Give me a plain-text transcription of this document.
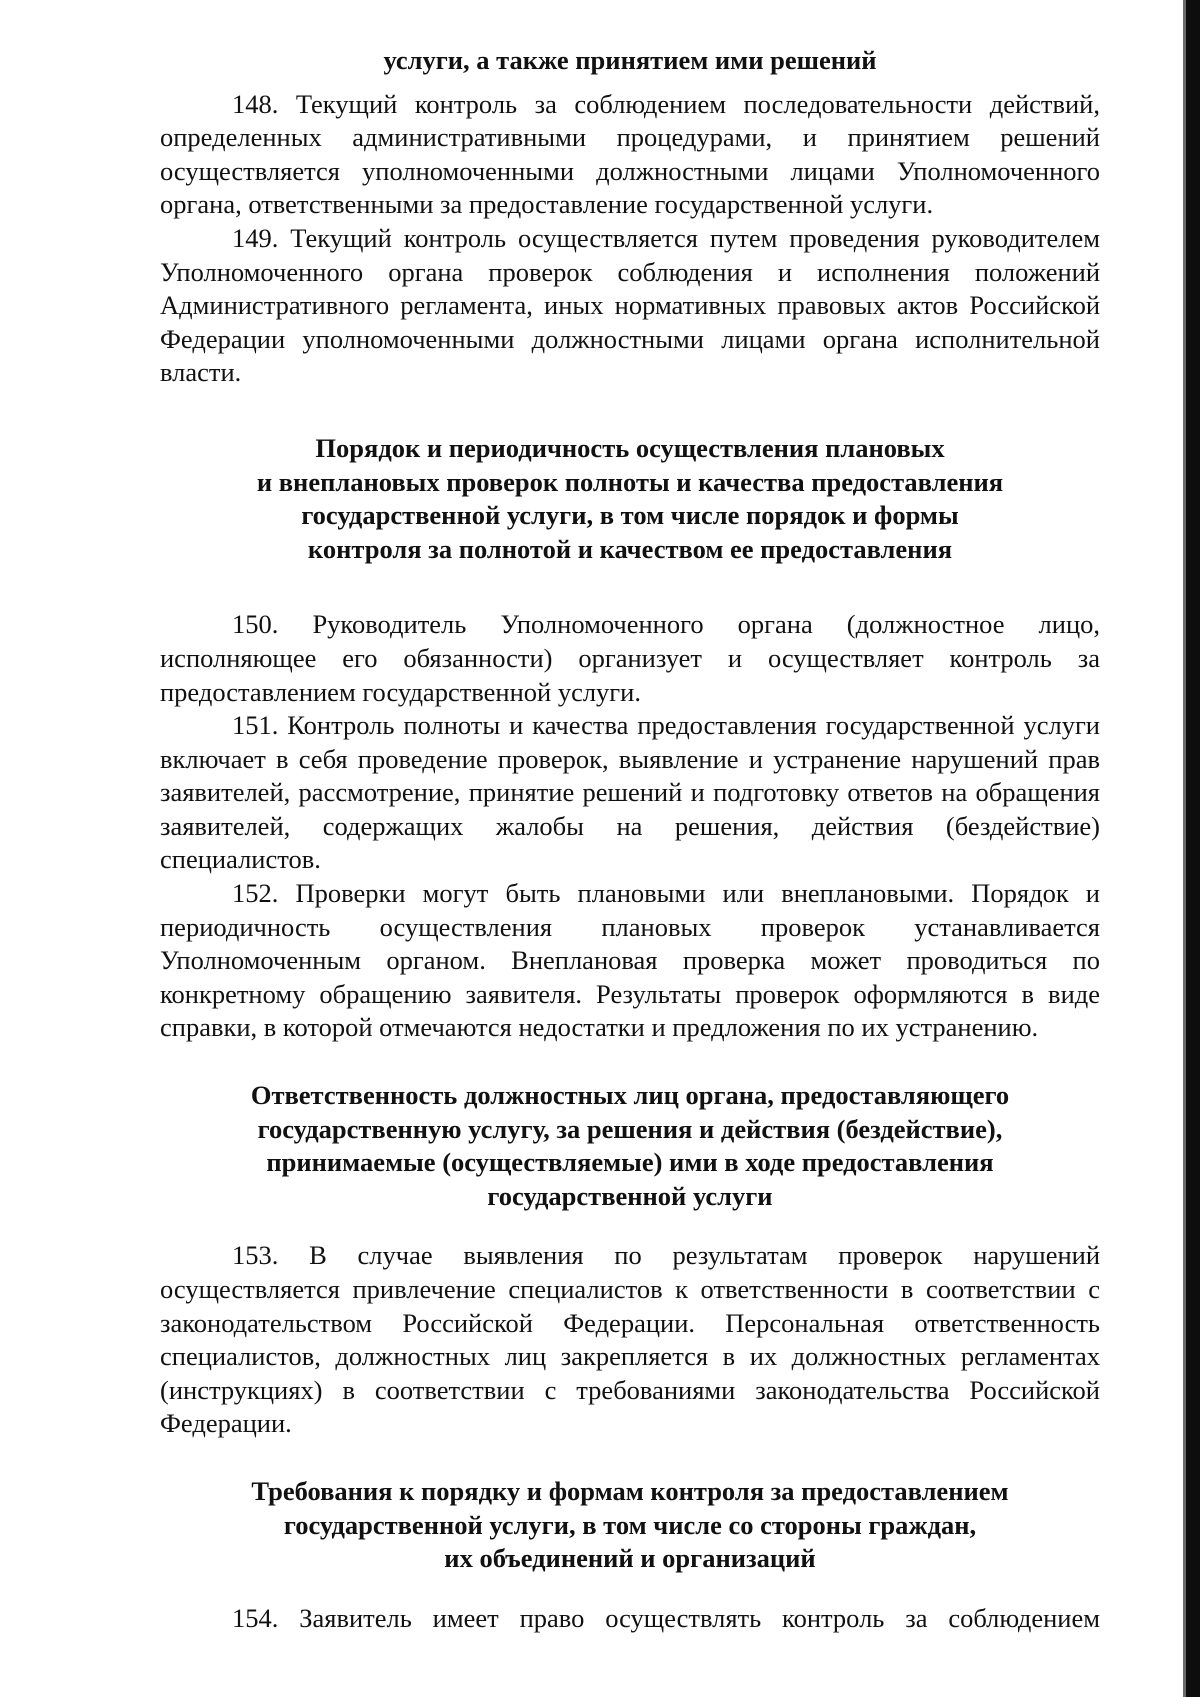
услуги, а также принятием ими решений

148. Текущий контроль за соблюдением последовательности действий, определенных административными процедурами, и принятием решений осуществляется уполномоченными должностными лицами Уполномоченного органа, ответственными за предоставление государственной услуги.

149. Текущий контроль осуществляется путем проведения руководителем Уполномоченного органа проверок соблюдения и исполнения положений Административного регламента, иных нормативных правовых актов Российской Федерации уполномоченными должностными лицами органа исполнительной власти.

Порядок и периодичность осуществления плановых
и внеплановых проверок полноты и качества предоставления
государственной услуги, в том числе порядок и формы
контроля за полнотой и качеством ее предоставления

150. Руководитель Уполномоченного органа (должностное лицо, исполняющее его обязанности) организует и осуществляет контроль за предоставлением государственной услуги.

151. Контроль полноты и качества предоставления государственной услуги включает в себя проведение проверок, выявление и устранение нарушений прав заявителей, рассмотрение, принятие решений и подготовку ответов на обращения заявителей, содержащих жалобы на решения, действия (бездействие) специалистов.

152. Проверки могут быть плановыми или внеплановыми. Порядок и периодичность осуществления плановых проверок устанавливается Уполномоченным органом. Внеплановая проверка может проводиться по конкретному обращению заявителя. Результаты проверок оформляются в виде справки, в которой отмечаются недостатки и предложения по их устранению.

Ответственность должностных лиц органа, предоставляющего
государственную услугу, за решения и действия (бездействие),
принимаемые (осуществляемые) ими в ходе предоставления
государственной услуги

153. В случае выявления по результатам проверок нарушений осуществляется привлечение специалистов к ответственности в соответствии с законодательством Российской Федерации. Персональная ответственность специалистов, должностных лиц закрепляется в их должностных регламентах (инструкциях) в соответствии с требованиями законодательства Российской Федерации.

Требования к порядку и формам контроля за предоставлением
государственной услуги, в том числе со стороны граждан,
их объединений и организаций

154. Заявитель имеет право осуществлять контроль за соблюдением
